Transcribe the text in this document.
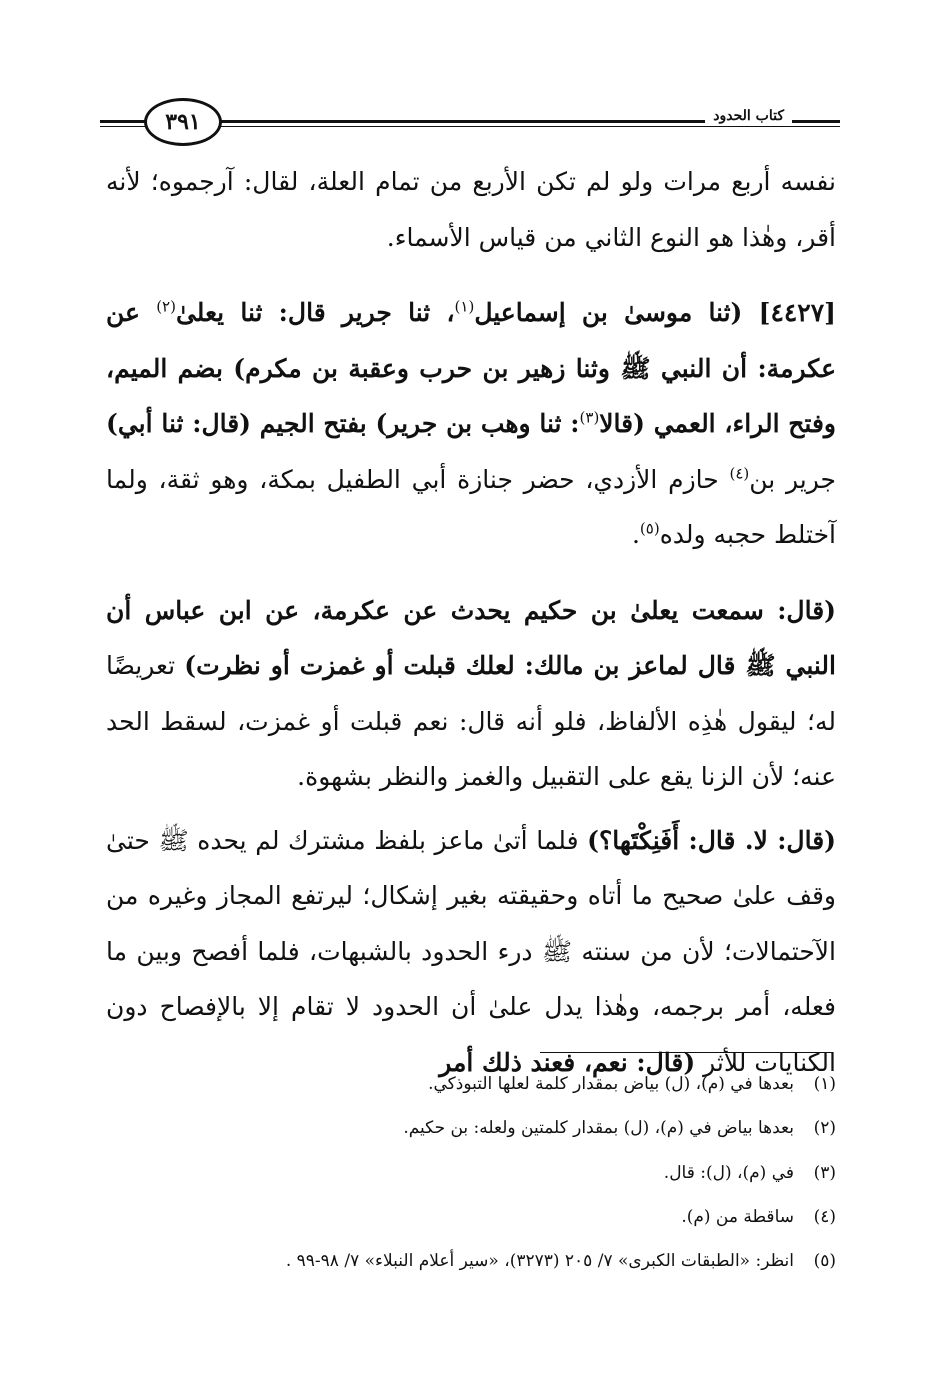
كتاب الحدود
٣٩١

نفسه أربع مرات ولو لم تكن الأربع من تمام العلة، لقال: آرجموه؛ لأنه أقر، وهٰذا هو النوع الثاني من قياس الأسماء.

[٤٤٢٧] (ثنا موسىٰ بن إسماعيل$^{(١)}$، ثنا جرير قال: ثنا يعلىٰ$^{(٢)}$ عن عكرمة: أن النبي ﷺ وثنا زهير بن حرب وعقبة بن مكرم) بضم الميم، وفتح الراء، العمي (قالا$^{(٣)}$: ثنا وهب بن جرير) بفتح الجيم (قال: ثنا أبي) جرير بن$^{(٤)}$ حازم الأزدي، حضر جنازة أبي الطفيل بمكة، وهو ثقة، ولما آختلط حجبه ولده$^{(٥)}$.

(قال: سمعت يعلىٰ بن حكيم يحدث عن عكرمة، عن ابن عباس أن النبي ﷺ قال لماعز بن مالك: لعلك قبلت أو غمزت أو نظرت) تعريضًا له؛ ليقول هٰذِه الألفاظ، فلو أنه قال: نعم قبلت أو غمزت، لسقط الحد عنه؛ لأن الزنا يقع على التقبيل والغمز والنظر بشهوة.

(قال: لا. قال: أَفَنِكْتَها؟) فلما أتىٰ ماعز بلفظ مشترك لم يحده ﷺ حتىٰ وقف علىٰ صحيح ما أتاه وحقيقته بغير إشكال؛ ليرتفع المجاز وغيره من الآحتمالات؛ لأن من سنته ﷺ درء الحدود بالشبهات، فلما أفصح وبين ما فعله، أمر برجمه، وهٰذا يدل علىٰ أن الحدود لا تقام إلا بالإفصاح دون الكنايات للأثر (قال: نعم، فعند ذلك أمر

(١)بعدها في (م)، (ل) بياض بمقدار كلمة لعلها التبوذكي.
(٢)بعدها بياض في (م)، (ل) بمقدار كلمتين ولعله: بن حكيم.
(٣)في (م)، (ل): قال.
(٤)ساقطة من (م).
(٥)انظر: «الطبقات الكبرى» ٧/ ٢٠٥ (٣٢٧٣)، «سير أعلام النبلاء» ٧/ ٩٨-٩٩ .
